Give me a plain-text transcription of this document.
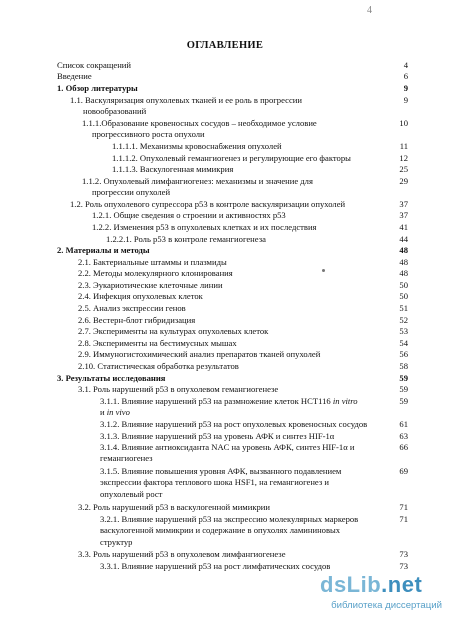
4
ОГЛАВЛЕНИЕ
Список сокращений	4
Введение	6
1. Обзор литературы	9
1.1. Васкуляризация опухолевых тканей и ее роль в прогрессии	9
новообразований
1.1.1.Образование кровеносных сосудов – необходимое условие	10
прогрессивного роста опухоли
1.1.1.1. Механизмы кровоснабжения опухолей	11
1.1.1.2. Опухолевый гемангиогенез и регулирующие его факторы	12
1.1.1.3. Васкулогенная мимикрия	25
1.1.2. Опухолевый лимфангиогенез: механизмы и значение для	29
прогрессии опухолей
1.2. Роль опухолевого супрессора р53 в контроле васкуляризации опухолей	37
1.2.1. Общие сведения о строении и активностях р53	37
1.2.2. Изменения р53 в опухолевых клетках и их последствия	41
1.2.2.1. Роль р53 в контроле гемангиогенеза	44
2. Материалы и методы	48
2.1. Бактериальные штаммы и плазмиды	48
2.2. Методы молекулярного клонирования	48
2.3. Эукариотические клеточные линии	50
2.4. Инфекция опухолевых клеток	50
2.5. Анализ экспрессии генов	51
2.6. Вестерн-блот гибридизация	52
2.7. Эксперименты на культурах опухолевых клеток	53
2.8. Эксперименты на бестимусных мышах	54
2.9. Иммуногистохимический анализ препаратов тканей опухолей	56
2.10. Статистическая обработка результатов	58
3. Результаты исследования	59
3.1. Роль нарушений р53 в опухолевом гемангиогенезе	59
3.1.1. Влияние нарушений р53 на размножение клеток НСТ116 in vitro	59
и in vivo
3.1.2. Влияние нарушений р53 на рост опухолевых кровеносных сосудов	61
3.1.3. Влияние нарушений р53 на уровень АФК и синтез HIF-1α	63
3.1.4. Влияние антиоксиданта NAC на уровень АФК, синтез HIF-1α и	66
гемангиогенез
3.1.5. Влияние повышения уровня АФК, вызванного подавлением	69
экспрессии фактора теплового шока HSF1, на гемангиогенез и
опухолевый рост
3.2. Роль нарушений р53 в васкулогенной мимикрии	71
3.2.1. Влияние нарушений р53 на экспрессию молекулярных маркеров	71
васкулогенной мимикрии и содержание в опухолях ламининовых
структур
3.3. Роль нарушений р53 в опухолевом лимфангиогенезе	73
3.3.1. Влияние нарушений р53 на рост лимфатических сосудов	73
dsLib.net
библиотека диссертаций
